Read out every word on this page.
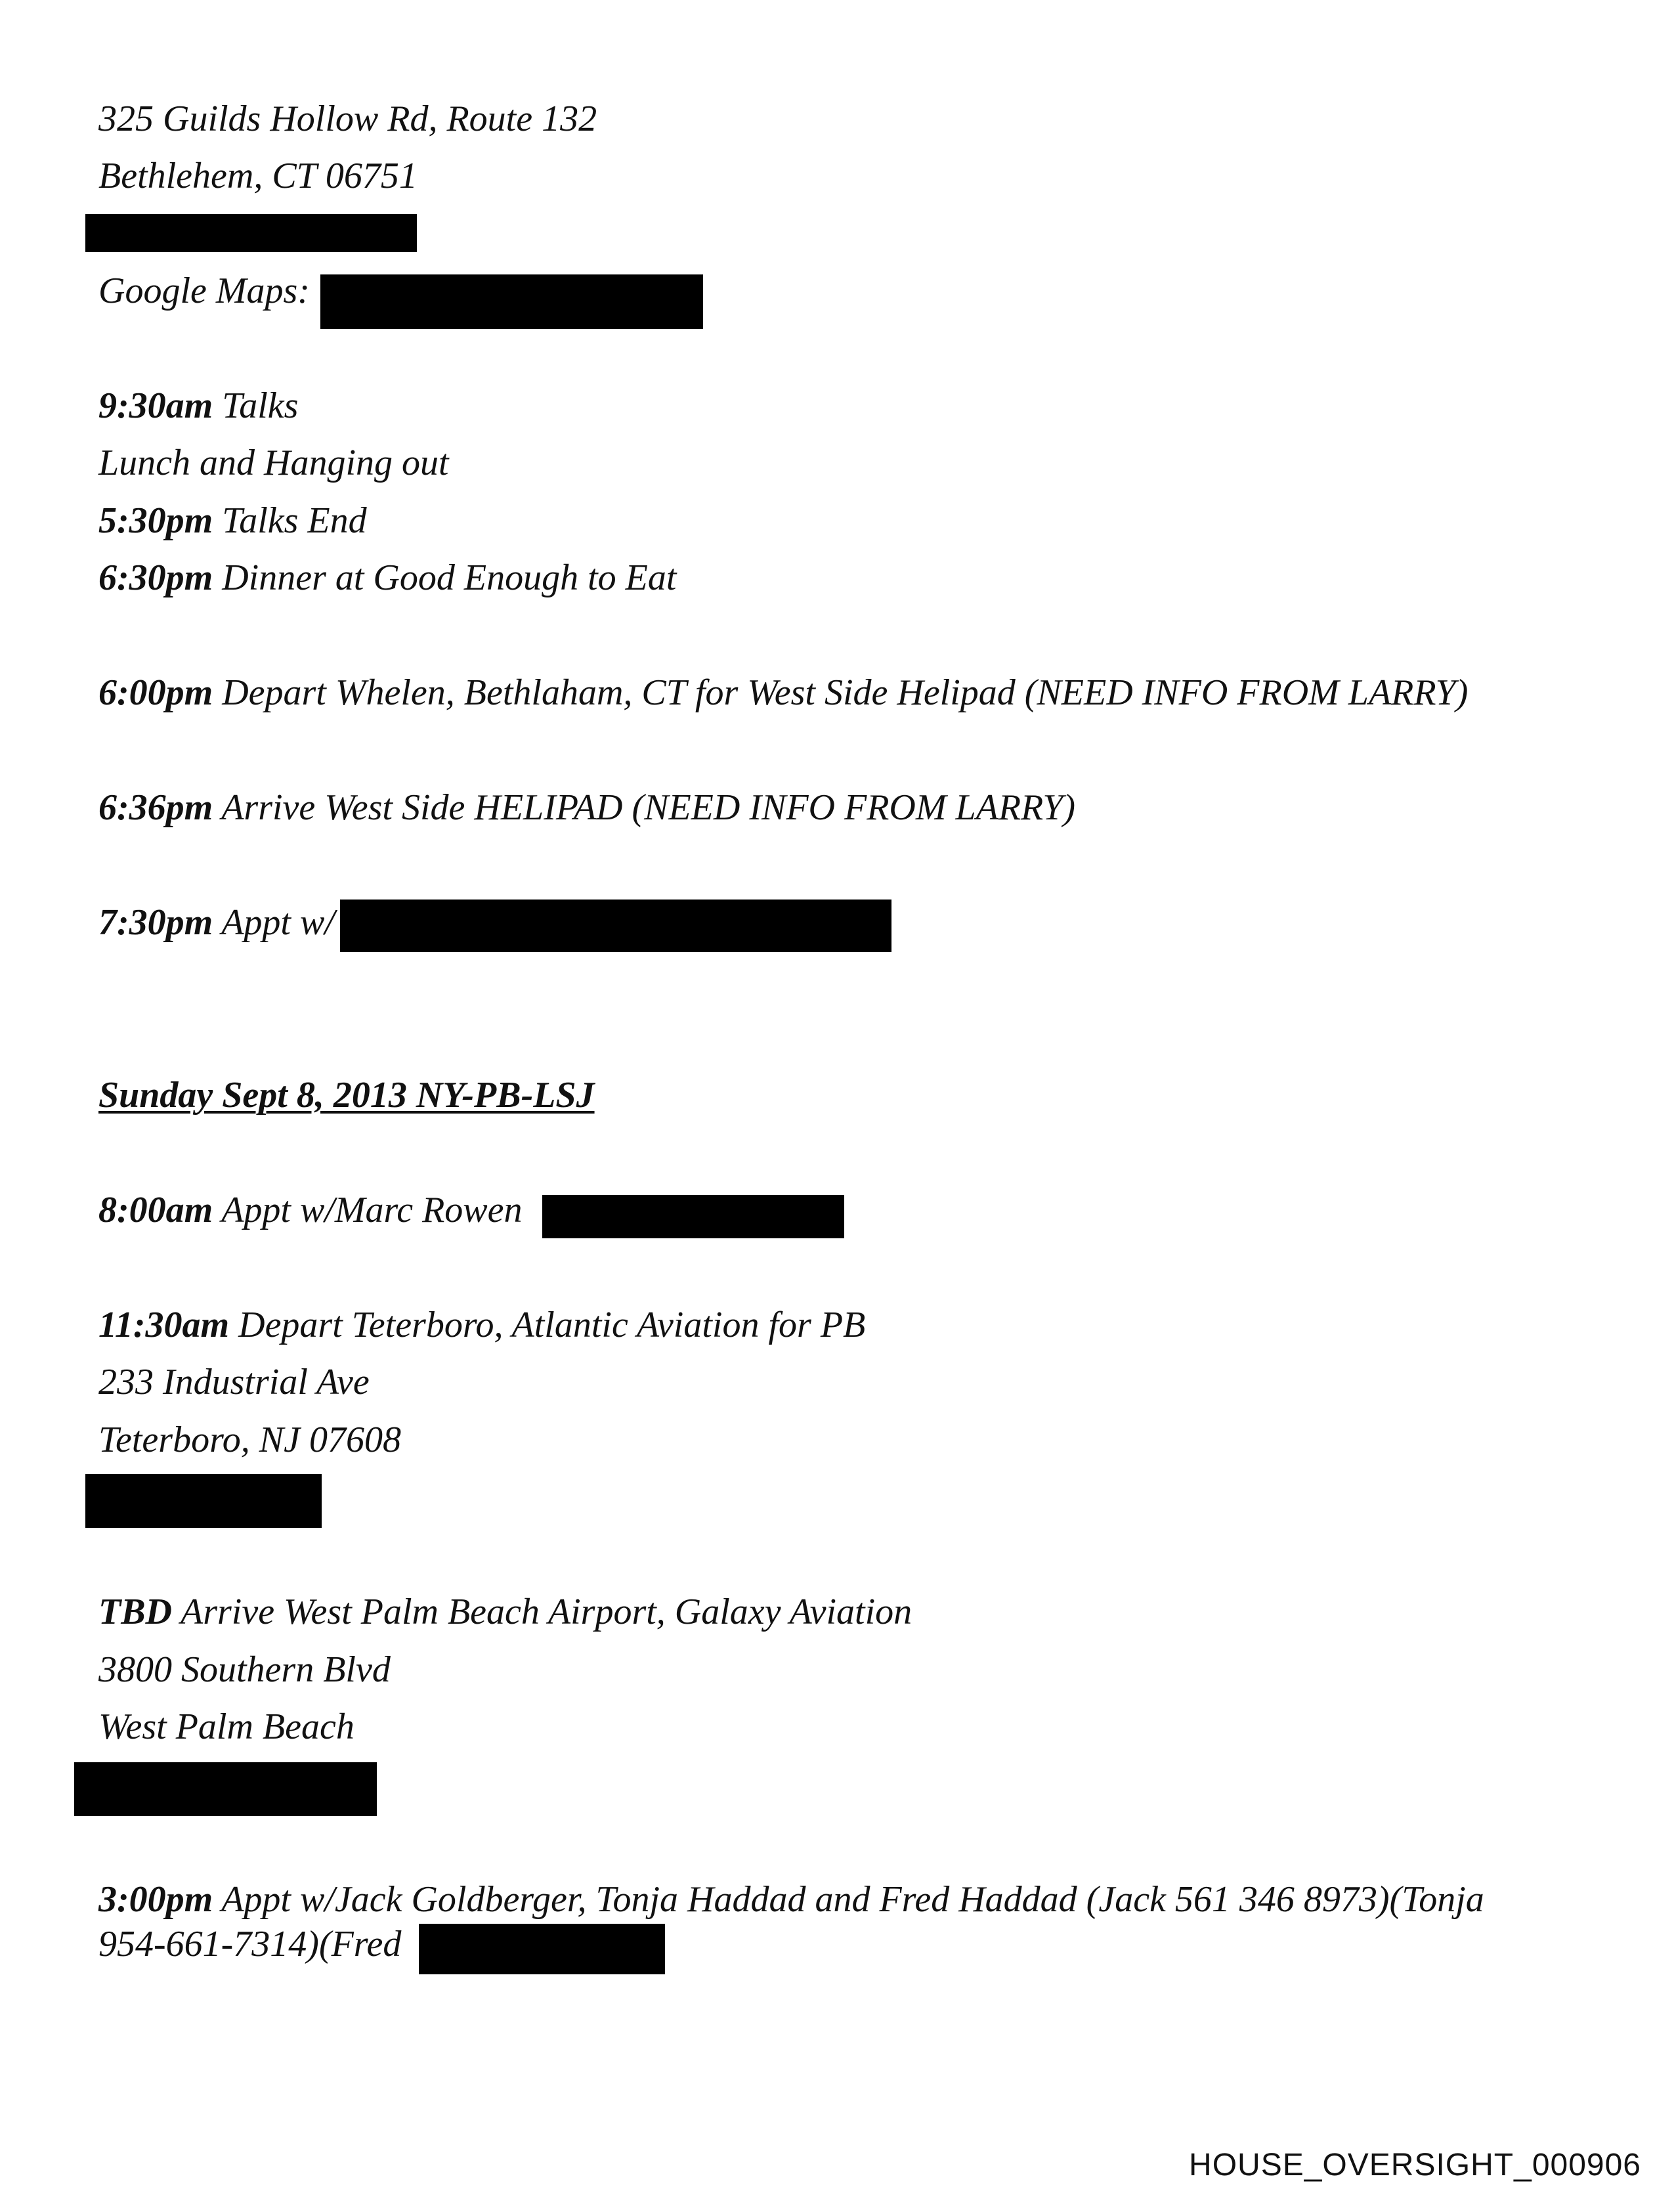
325 Guilds Hollow Rd, Route 132
Bethlehem, CT 06751
Google Maps:
9:30am Talks
Lunch and Hanging out
5:30pm Talks End
6:30pm Dinner at Good Enough to Eat
6:00pm Depart Whelen, Bethlaham, CT for West Side Helipad (NEED INFO FROM LARRY)
6:36pm Arrive West Side HELIPAD (NEED INFO FROM LARRY)
7:30pm Appt w/
Sunday Sept 8, 2013 NY-PB-LSJ
8:00am Appt w/Marc Rowen
11:30am Depart Teterboro, Atlantic Aviation for PB
233 Industrial Ave
Teterboro, NJ 07608
TBD Arrive West Palm Beach Airport, Galaxy Aviation
3800 Southern Blvd
West Palm Beach
3:00pm Appt w/Jack Goldberger, Tonja Haddad and Fred Haddad (Jack 561 346 8973)(Tonja
954-661-7314)(Fred
HOUSE_OVERSIGHT_000906
